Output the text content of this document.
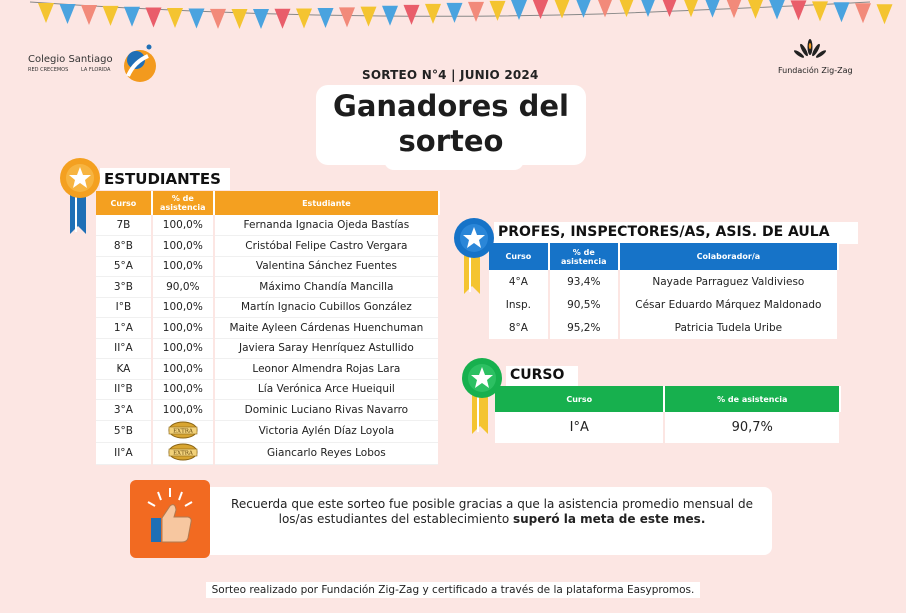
Colegio Santiago
RED CRECEMOS	LA FLORIDA	Fundación Zig-Zag
SORTEO N°4 | JUNIO 2024
Ganadores del
sorteo
ESTUDIANTES
Curso	% de asistencia	Estudiante
7B	100,0%	Fernanda Ignacia Ojeda Bastías
8°B	100,0%	Cristóbal Felipe Castro Vergara
5°A	100,0%	Valentina Sánchez Fuentes
3°B	90,0%	Máximo Chandía Mancilla
I°B	100,0%	Martín Ignacio Cubillos González
1°A	100,0%	Maite Ayleen Cárdenas Huenchuman
II°A	100,0%	Javiera Saray Henríquez Astullido
KA	100,0%	Leonor Almendra Rojas Lara
II°B	100,0%	Lía Verónica Arce Hueiquil
3°A	100,0%	Dominic Luciano Rivas Navarro
5°B	EXTRA	Victoria Aylén Díaz Loyola
II°A	EXTRA	Giancarlo Reyes Lobos
PROFES, INSPECTORES/AS, ASIS. DE AULA
Curso	% de asistencia	Colaborador/a
4°A	93,4%	Nayade Parraguez Valdivieso
Insp.	90,5%	César Eduardo Márquez Maldonado
8°A	95,2%	Patricia Tudela Uribe
CURSO
Curso	% de asistencia
I°A	90,7%

Recuerda que este sorteo fue posible gracias a que la asistencia promedio mensual de los/as estudiantes del establecimiento superó la meta de este mes.

Sorteo realizado por Fundación Zig-Zag y certificado a través de la plataforma Easypromos.
